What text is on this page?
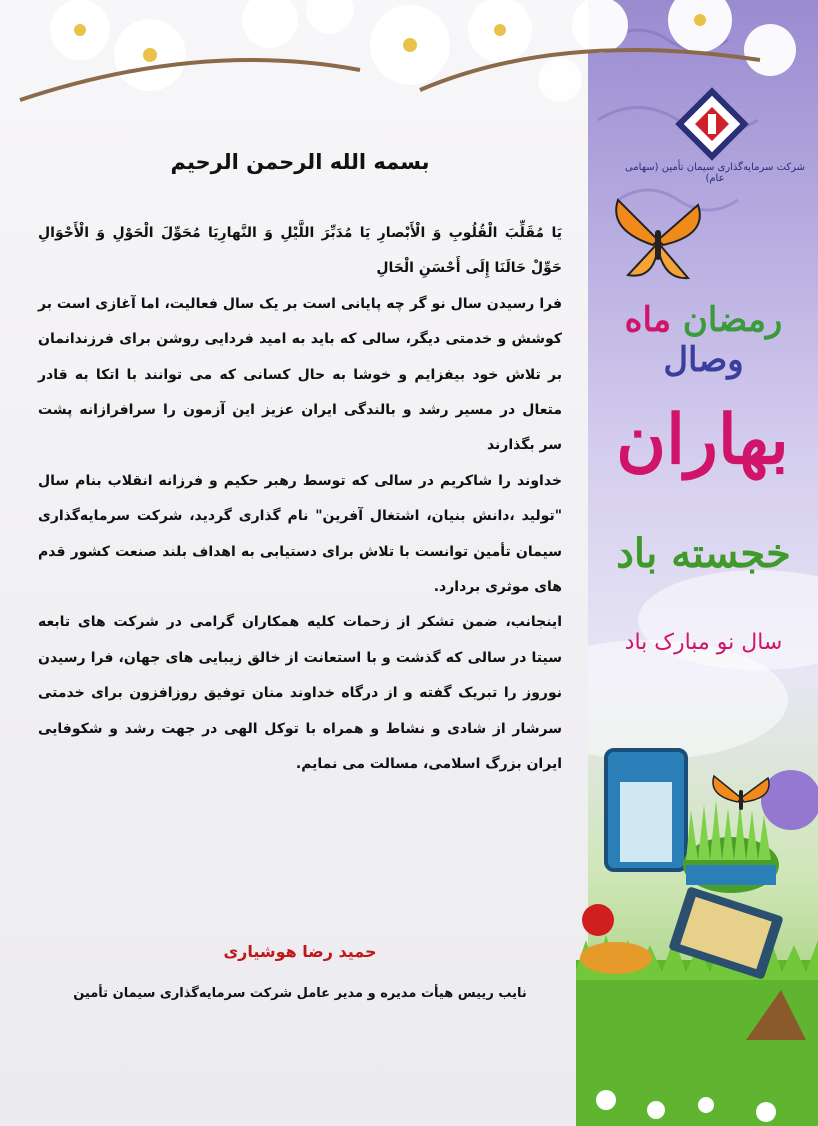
شرکت سرمایه‌گذاری سیمان تأمین (سهامی عام)
رمضان ماه وصال
بهاران
خجسته باد
سال نو مبارک باد
بسمه الله الرحمن الرحیم

یَا مُقَلِّبَ الْقُلُوبِ وَ الْأَبْصارِ یَا مُدَبِّرَ اللَّیْلِ وَ النَّهارِیَا مُحَوِّلَ الْحَوْلِ وَ الْأَحْوَالِ حَوِّلْ حَالَنَا إِلَى أَحْسَنِ الْحَالِ

فرا رسیدن سال نو گر چه پایانی است بر یک سال فعالیت، اما آغازی است بر کوشش و خدمتی دیگر، سالی که باید به امید فردایی روشن برای فرزندانمان بر تلاش خود بیفزایم و خوشا به حال کسانی که می توانند با اتکا به قادر متعال در مسیر رشد و بالندگی ایران عزیز این آزمون را سرافرازانه پشت سر بگذارند

خداوند را شاکریم در سالی که توسط رهبر حکیم و فرزانه انقلاب بنام سال "تولید ،دانش بنیان، اشتغال آفرین" نام گذاری گردید، شرکت سرمایه‌گذاری سیمان تأمین توانست با تلاش برای دستیابی به اهداف بلند صنعت کشور قدم های موثری بردارد.

اینجانب، ضمن تشکر از زحمات کلیه همکاران گرامی در شرکت های تابعه سیتا در سالی که گذشت و با استعانت از خالق زیبایی های جهان، فرا رسیدن نوروز را تبریک گفته و از درگاه خداوند منان توفیق روزافزون برای خدمتی سرشار از شادی و نشاط و همراه با توکل الهی در جهت رشد و شکوفایی ایران بزرگ اسلامی، مسالت می نمایم.

حمید رضا هوشیاری
نایب رییس هیأت مدیره و مدیر عامل شرکت سرمایه‌گذاری سیمان تأمین
